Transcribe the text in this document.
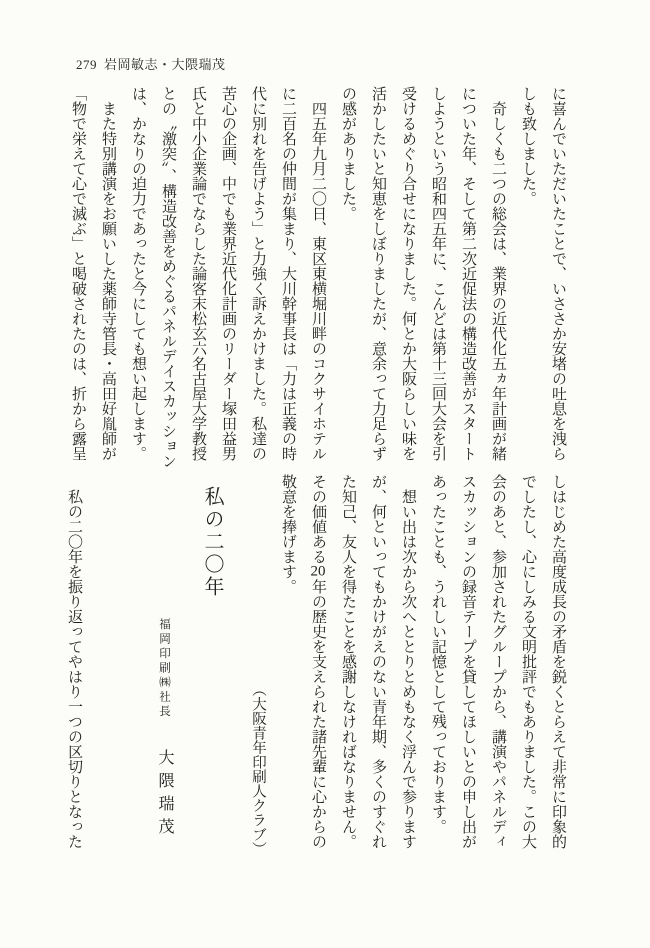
279 岩岡敏志・大隈瑞茂
に喜んでいただいたことで、いささか安堵の吐息を洩ら
しも致しました。
　奇しくも二つの総会は、業界の近代化五ヵ年計画が緒
についた年、そして第二次近促法の構造改善がスタート
しようという昭和四五年に、こんどは第十三回大会を引
受けるめぐり合せになりました。何とか大阪らしい味を
活かしたいと知恵をしぼりましたが、意余って力足らず
の感がありました。
　四五年九月二〇日、東区東横堀川畔のコクサイホテル
に二百名の仲間が集まり、大川幹事長は「力は正義の時
代に別れを告げよう」と力強く訴えかけました。私達の
苦心の企画、中でも業界近代化計画のリーダー塚田益男
氏と中小企業論でならした論客末松玄六名古屋大学教授
との〝激突〟、構造改善をめぐるパネルデイスカッション
は、かなりの迫力であったと今にしても想い起します。
　また特別講演をお願いした薬師寺管長・高田好胤師が
「物で栄えて心で滅ぶ」と喝破されたのは、折から露呈
しはじめた高度成長の矛盾を鋭くとらえて非常に印象的
でしたし、心にしみる文明批評でもありました。この大
会のあと、参加されたグループから、講演やパネルディ
スカッションの録音テープを貸してほしいとの申し出が
あったことも、うれしい記憶として残っております。
　想い出は次から次へととりとめもなく浮んで参ります
が、何といってもかけがえのない青年期、多くのすぐれ
た知己、友人を得たことを感謝しなければなりません。
その価値ある20年の歴史を支えられた諸先輩に心からの
敬意を捧げます。
（大阪青年印刷人クラブ）
私の二〇年
福岡印刷㈱社長 大隈瑞茂
　私の二〇年を振り返ってやはり一つの区切りとなった
